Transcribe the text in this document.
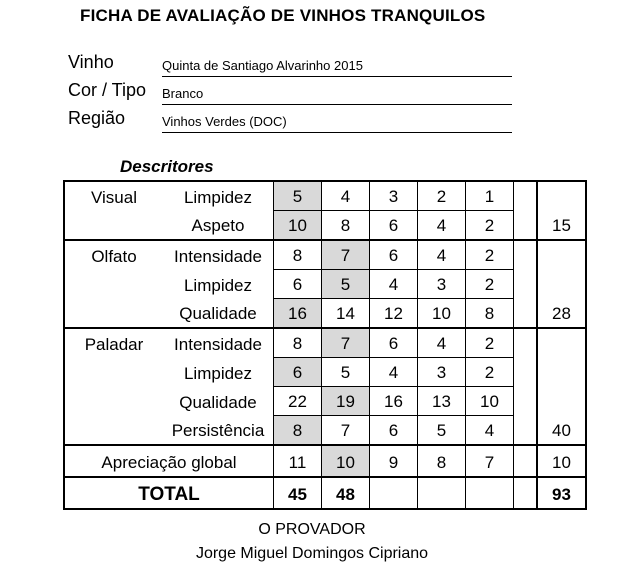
FICHA DE AVALIAÇÃO DE VINHOS TRANQUILOS
Vinho	Quinta de Santiago Alvarinho 2015
Cor / Tipo Branco
Região	Vinhos Verdes (DOC)
Descritores
Visual	Limpidez	5	4	3	2	1		
	Aspeto	10	8	6	4	2		15
Olfato	Intensidade	8	7	6	4	2		
	Limpidez	6	5	4	3	2		
	Qualidade	16	14	12	10	8		28
Paladar	Intensidade	8	7	6	4	2		
	Limpidez	6	5	4	3	2		
	Qualidade	22	19	16	13	10		
	Persistência	8	7	6	5	4		40
Apreciação global		11	10	9	8	7		10
TOTAL		45	48					93
O PROVADOR
Jorge Miguel Domingos Cipriano
